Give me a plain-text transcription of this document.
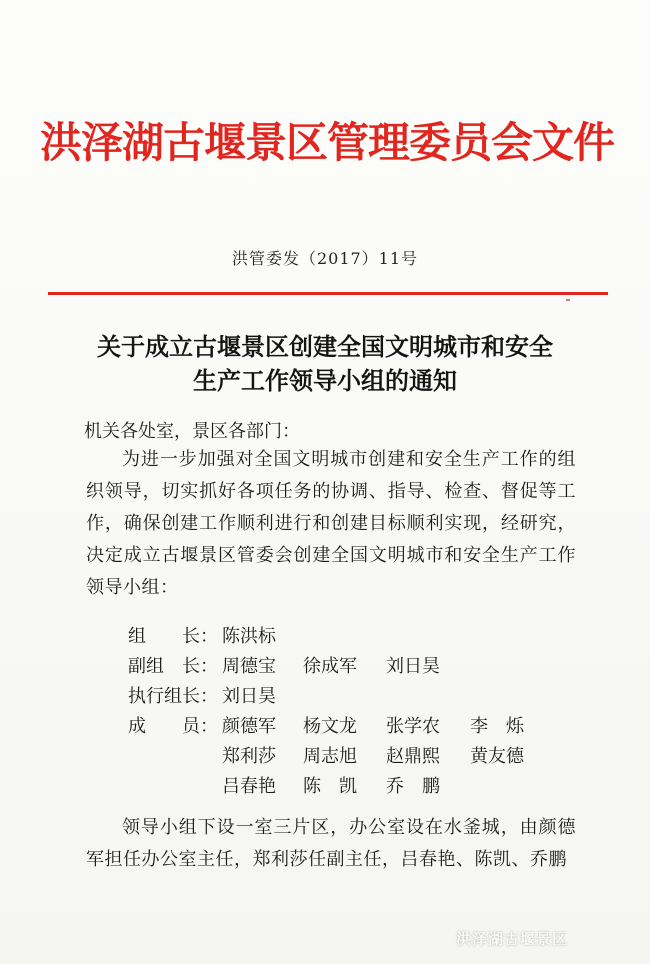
洪泽湖古堰景区管理委员会文件
洪管委发（2017）11号
关于成立古堰景区创建全国文明城市和安全
生产工作领导小组的通知
机关各处室，景区各部门：
为进一步加强对全国文明城市创建和安全生产工作的组织领导，切实抓好各项任务的协调、指导、检查、督促等工作，确保创建工作顺利进行和创建目标顺利实现，经研究，决定成立古堰景区管委会创建全国文明城市和安全生产工作领导小组：
组　　长： 陈洪标
副组　长： 周德宝 徐成军 刘日昊
执行组长： 刘日昊
成　　员： 颜德军 杨文龙 张学农 李　烁
郑利莎 周志旭 赵鼎熙 黄友德
吕春艳 陈　凯 乔　鹏
领导小组下设一室三片区，办公室设在水釜城，由颜德军担任办公室主任，郑利莎任副主任，吕春艳、陈凯、乔鹏
洪泽湖古堰景区
